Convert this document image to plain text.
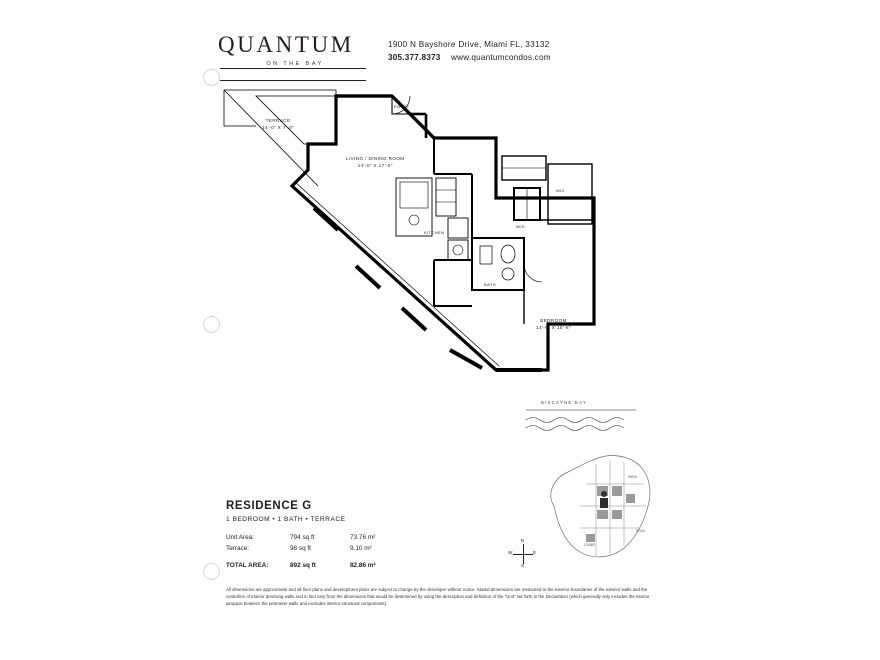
QUANTUM
ON THE BAY
1900 N Bayshore Drive, Miami FL, 33132
305.377.8373 www.quantumcondos.com
TERRACE
14'-0" X 7'-0"
LIVING / DINING ROOM
14'-0" X 17'-0"
BEDROOM
14'-0" X 15'-6"
KITCHEN
BATH
W/D
WIC
ENTRY
BISCAYNE BAY
RESIDENCE G
1 BEDROOM • 1 BATH • TERRACE
Unit Area:	794 sq ft	73.76 m²
Terrace:	98 sq ft	9.10 m²
TOTAL AREA:	892 sq ft	82.86 m²
All dimensions are approximate and all floor plans and development plans are subject to change by the developer without notice. Stated dimensions are measured to the exterior boundaries of the exterior walls and the centerline of interior demising walls and in fact vary from the dimensions that would be determined by using the description and definition of the “Unit” set forth in the Declaration (which generally only includes the interior airspace between the perimeter walls and excludes interior structural components).
PARK
POOL
LOBBY
N
S
E
W
